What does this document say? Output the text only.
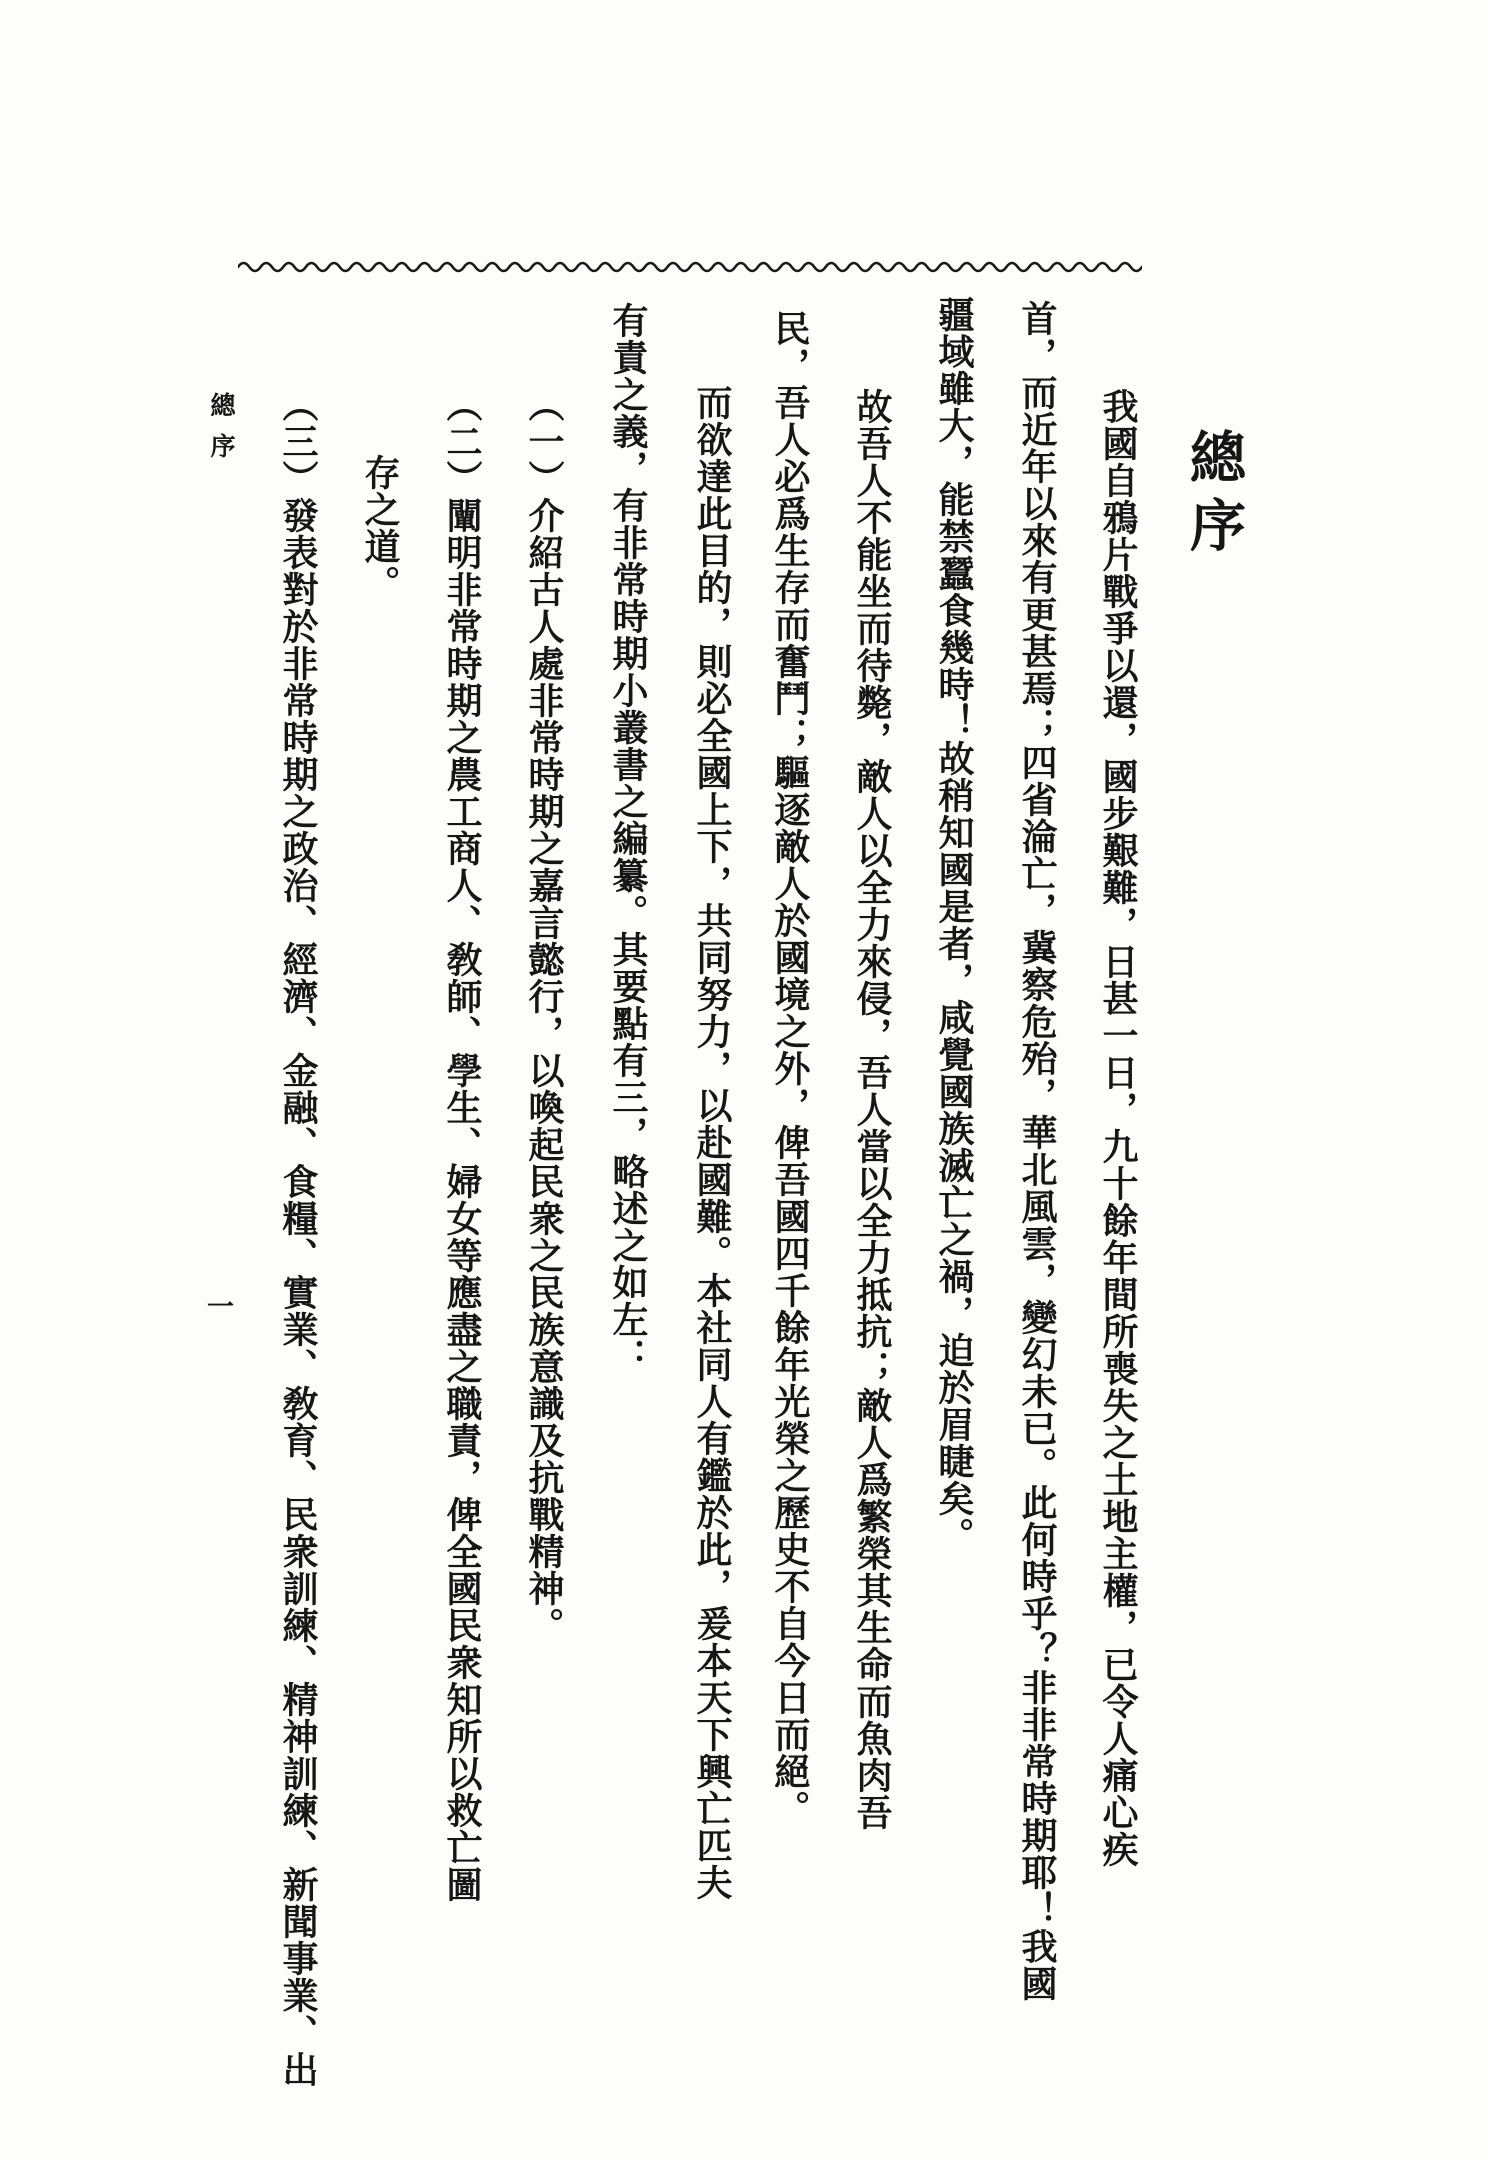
總序
我國自鴉片戰爭以還，國步艱難，日甚一日，九十餘年間所喪失之土地主權，已令人痛心疾
首，而近年以來有更甚焉；四省淪亡，冀察危殆，華北風雲，變幻未已。此何時乎？非非常時期耶！我國
疆域雖大，能禁蠶食幾時！故稍知國是者，咸覺國族滅亡之禍，迫於眉睫矣。
故吾人不能坐而待斃，敵人以全力來侵，吾人當以全力抵抗；敵人爲繁榮其生命而魚肉吾
民，吾人必爲生存而奮鬥；驅逐敵人於國境之外，俾吾國四千餘年光榮之歷史不自今日而絕。
而欲達此目的，則必全國上下，共同努力，以赴國難。本社同人有鑑於此，爰本天下興亡匹夫
有責之義，有非常時期小叢書之編纂。其要點有三，略述之如左：
（一）介紹古人處非常時期之嘉言懿行，以喚起民衆之民族意識及抗戰精神。
（二）闡明非常時期之農工商人、敎師、學生、婦女等應盡之職責，俾全國民衆知所以救亡圖
存之道。
（三）發表對於非常時期之政治、經濟、金融、食糧、實業、敎育、民衆訓練、精神訓練、新聞事業、出
總序
一
